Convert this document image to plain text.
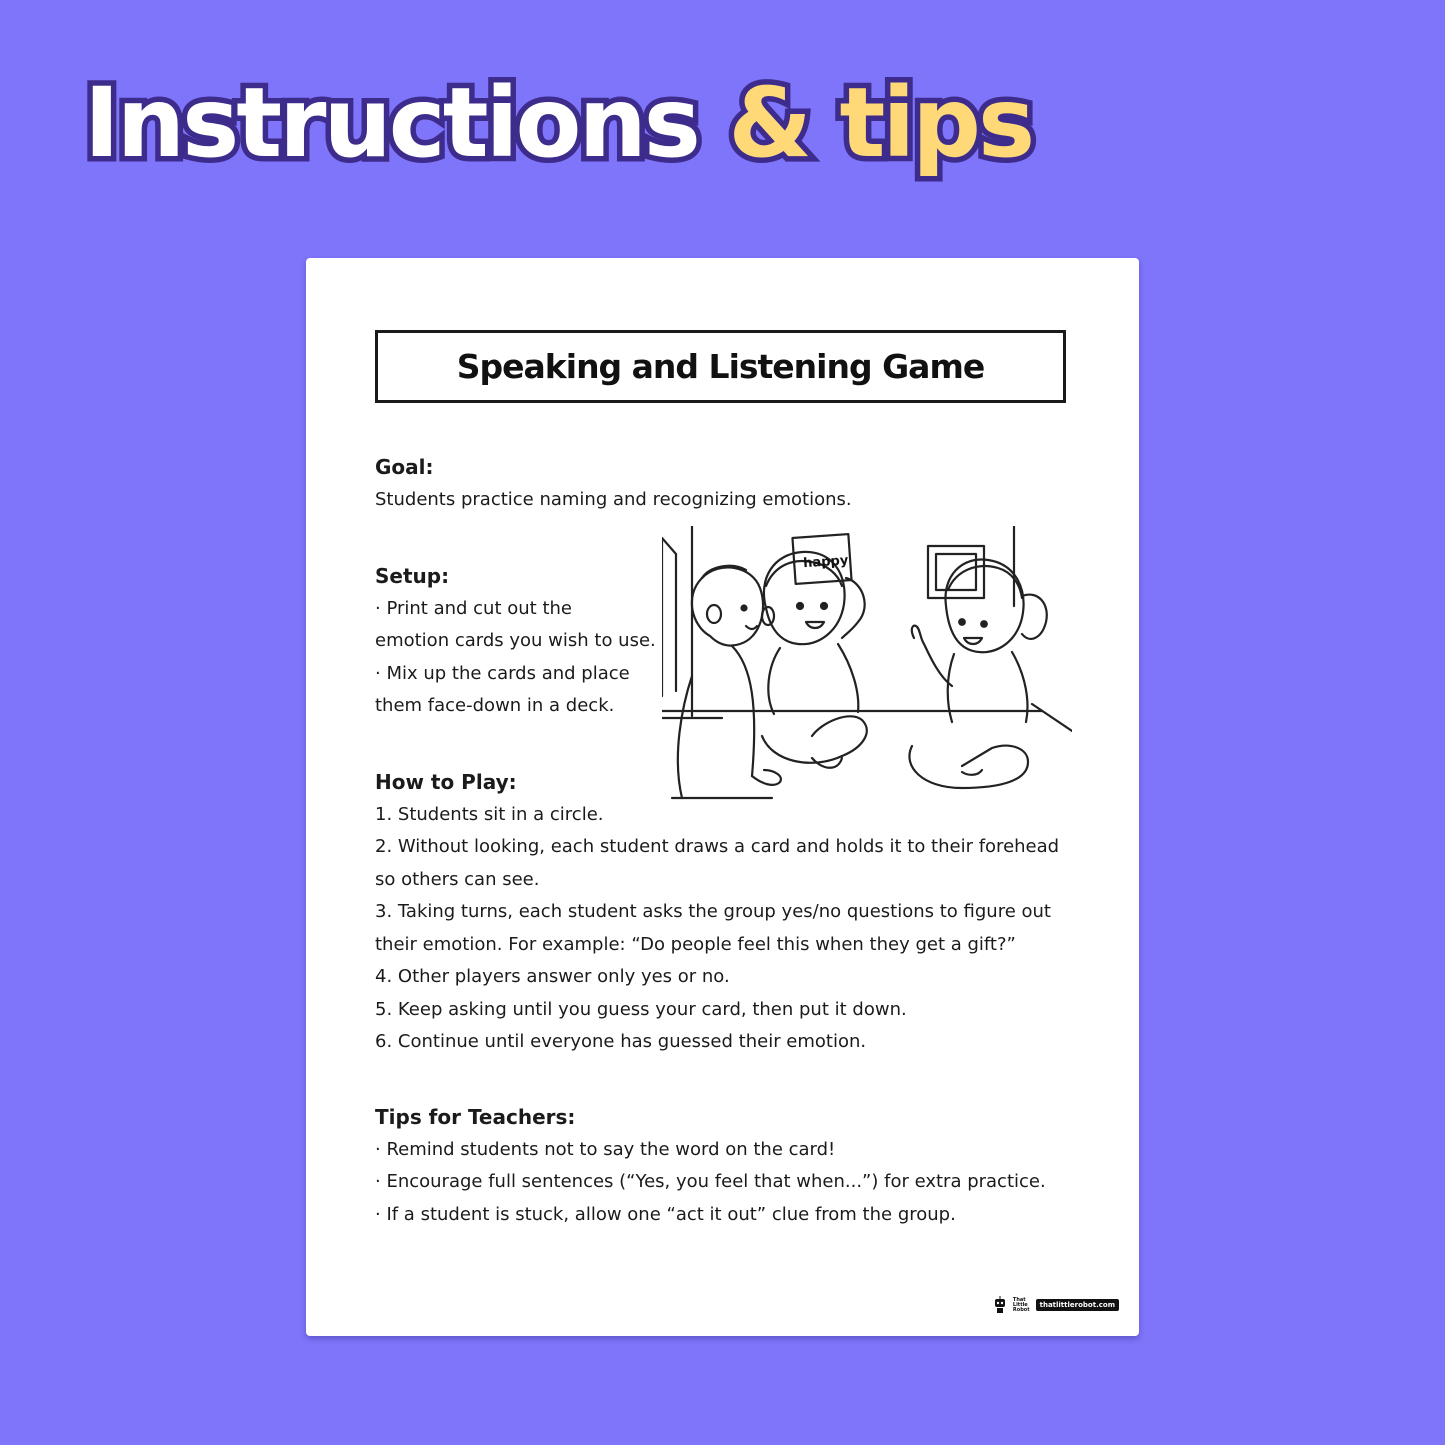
Instructions & tips
Speaking and Listening Game
Goal:
Students practice naming and recognizing emotions.
Setup:
· Print and cut out the
emotion cards you wish to use.
· Mix up the cards and place
them face-down in a deck.
How to Play:
1. Students sit in a circle.
2. Without looking, each student draws a card and holds it to their forehead
so others can see.
3. Taking turns, each student asks the group yes/no questions to figure out
their emotion. For example: “Do people feel this when they get a gift?”
4. Other players answer only yes or no.
5. Keep asking until you guess your card, then put it down.
6. Continue until everyone has guessed their emotion.
Tips for Teachers:
· Remind students not to say the word on the card!
· Encourage full sentences (“Yes, you feel that when...”) for extra practice.
· If a student is stuck, allow one “act it out” clue from the group.
happy
That
Little
Robot
thatlittlerobot.com
